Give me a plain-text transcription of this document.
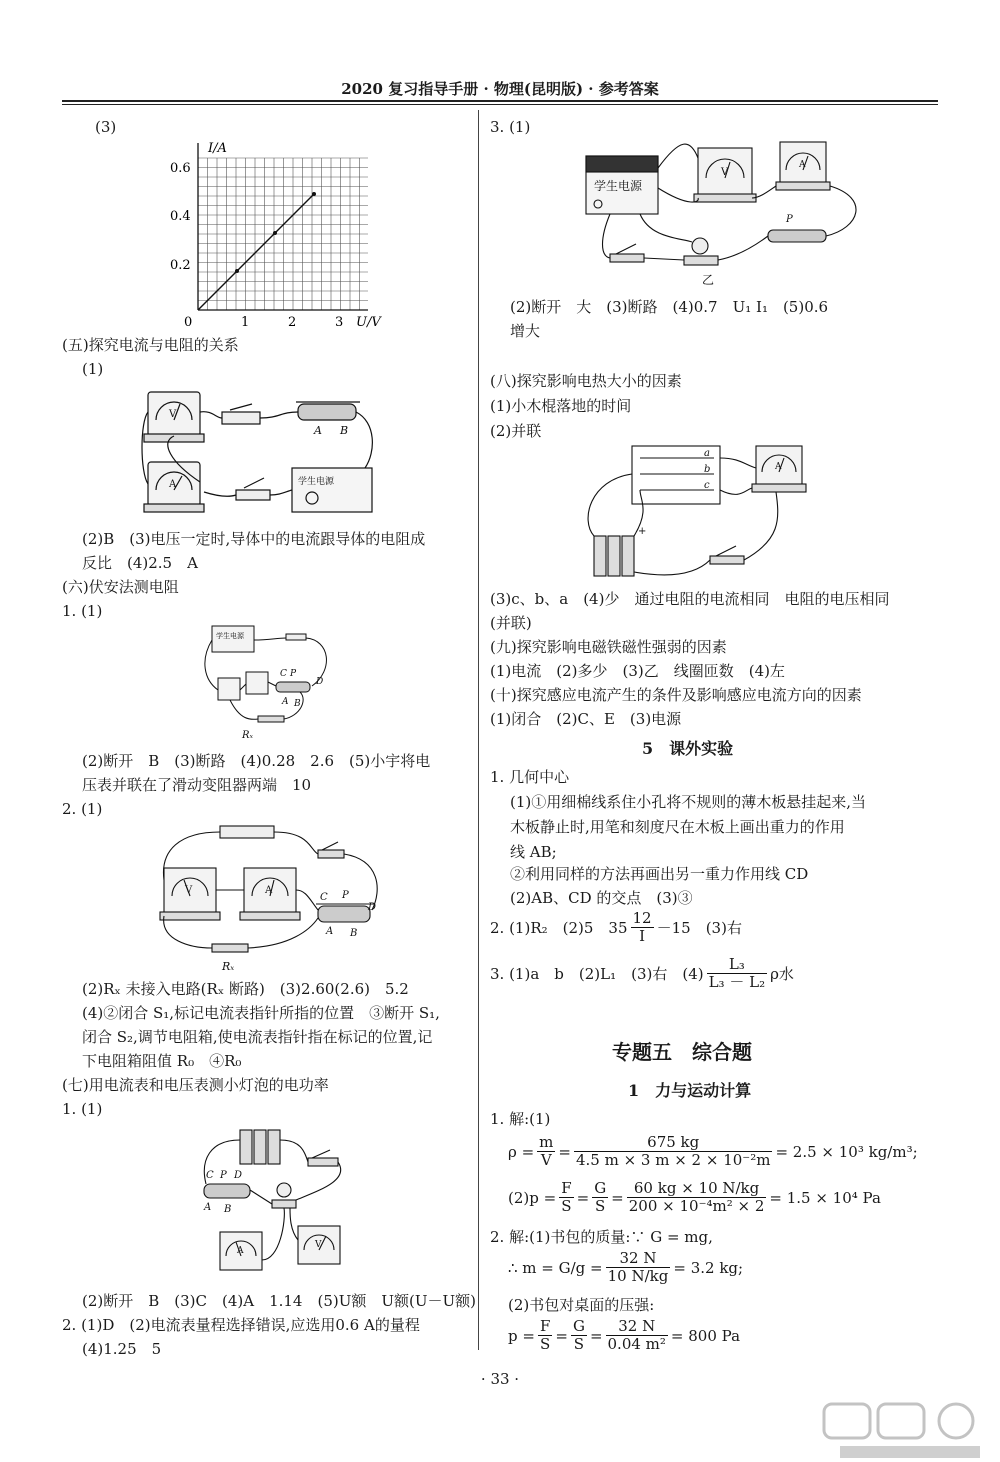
2020 复习指导手册 · 物理(昆明版) · 参考答案
(3)
I/A
0.6
0.4
0.2
0	1	2	3 U/V
(五)探究电流与电阻的关系
(1)
V
A B
A	学生电源
(2)B　(3)电压一定时,导体中的电流跟导体的电阻成
反比　(4)2.5　A
(六)伏安法测电阻
1. (1)
学生电源
C P
D
A B
Rₓ
(2)断开　B　(3)断路　(4)0.28　2.6　(5)小宇将电
压表并联在了滑动变阻器两端　10
2. (1)
V	A
C P
D
A B
Rₓ
(2)Rₓ 未接入电路(Rₓ 断路)　(3)2.60(2.6)　5.2
(4)②闭合 S₁,标记电流表指针所指的位置　③断开 S₁,
闭合 S₂,调节电阻箱,使电流表指针指在标记的位置,记
下电阻箱阻值 R₀　④R₀
(七)用电流表和电压表测小灯泡的电功率
1. (1)
C P D
A B
A
V
(2)断开　B　(3)C　(4)A　1.14　(5)U额　U额(U－U额)
2. (1)D　(2)电流表量程选择错误,应选用0.6 A的量程
(4)1.25　5
3. (1)
学生电源
V
A
P
乙
(2)断开　大　(3)断路　(4)0.7　U₁ I₁　(5)0.6
增大
(八)探究影响电热大小的因素
(1)小木棍落地的时间
(2)并联
a
b
c
A
+
(3)c、b、a　(4)少　通过电阻的电流相同　电阻的电压相同
(并联)
(九)探究影响电磁铁磁性强弱的因素
(1)电流　(2)多少　(3)乙　线圈匝数　(4)左
(十)探究感应电流产生的条件及影响感应电流方向的因素
(1)闭合　(2)C、E　(3)电源
5　课外实验
1. 几何中心
(1)①用细棉线系住小孔将不规则的薄木板悬挂起来,当
木板静止时,用笔和刻度尺在木板上画出重力的作用
线 AB;
②利用同样的方法再画出另一重力作用线 CD
(2)AB、CD 的交点　(3)③
2. (1)R₂　(2)5　$35 \frac{12}{I} -15$　(3)右
3. (1)a　b　(2)L₁　(3)右　$(4) \frac{\text{L₃}}{\text{L₃ － L₂}}$ ρ水
专题五　综合题
1　力与运动计算
1. 解:(1)
$\rho = \frac{m}{V} = \frac{675 kg}{\text{4.5 m × 3 m × 2 × 10⁻²m}} = 2.5 \times 10^3$ kg/m³;
$(2)p = \frac{F}{S} = \frac{G}{S} = \frac{60 kg \times 10 N/kg}{\text{200 × 10⁻⁴m² × 2}} = 1.5 \times 10^4$ Pa
2. 解:(1)书包的质量:∵ G = mg,
∴ $m = G/g = \frac{32 N}{10 N/kg} = 3.2$ kg;
(2)书包对桌面的压强:
$p = \frac{F}{S} = \frac{G}{S} = \frac{32 N}{\text{0.04 m²}} = 800$ Pa
· 33 ·
